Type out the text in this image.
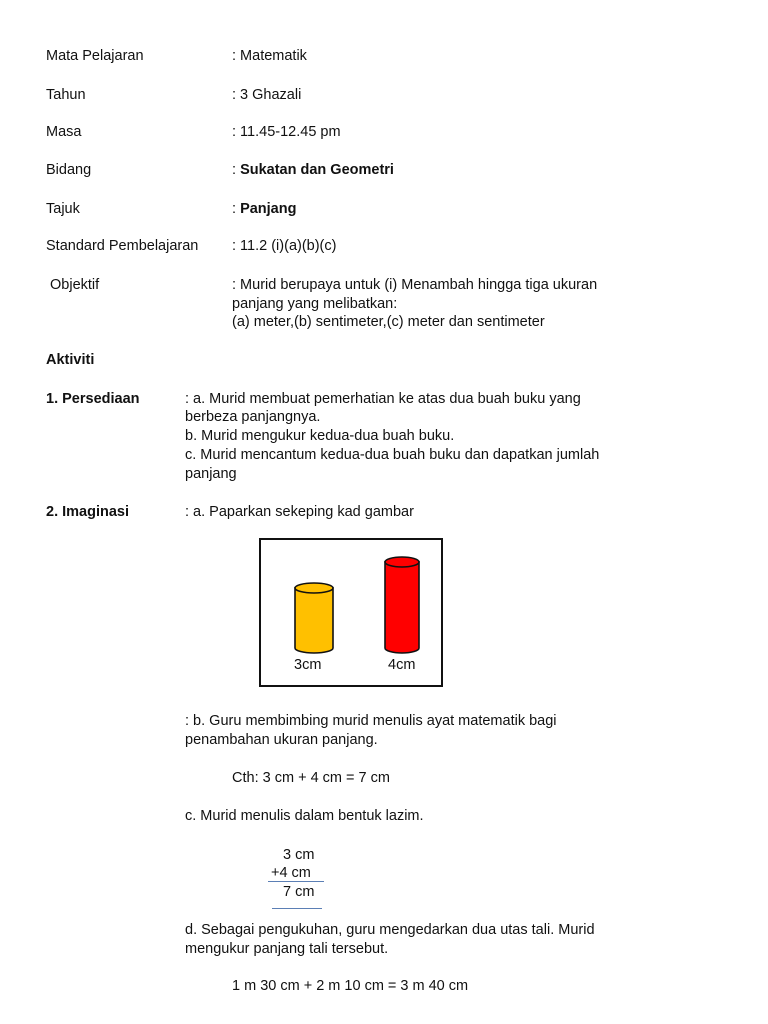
Mata Pelajaran	: Matematik
Tahun	: 3 Ghazali
Masa	: 11.45-12.45 pm
Bidang	: Sukatan dan Geometri
Tajuk	: Panjang
Standard Pembelajaran : 11.2 (i)(a)(b)(c)
Objektif	: Murid berupaya untuk (i) Menambah hingga tiga ukuran
panjang yang melibatkan:
(a) meter,(b) sentimeter,(c) meter dan sentimeter
Aktiviti
1. Persediaan	: a. Murid membuat pemerhatian ke atas dua buah buku yang
berbeza panjangnya.
b. Murid mengukur kedua-dua buah buku.
c. Murid mencantum kedua-dua buah buku dan dapatkan jumlah
panjang
2. Imaginasi	: a. Paparkan sekeping kad gambar
3cm	4cm
: b. Guru membimbing murid menulis ayat matematik bagi
penambahan ukuran panjang.
Cth: 3 cm + 4 cm = 7 cm
c. Murid menulis dalam bentuk lazim.
3 cm
+4 cm
7 cm
d. Sebagai pengukuhan, guru mengedarkan dua utas tali. Murid
mengukur panjang tali tersebut.
1 m 30 cm + 2 m 10 cm = 3 m 40 cm
